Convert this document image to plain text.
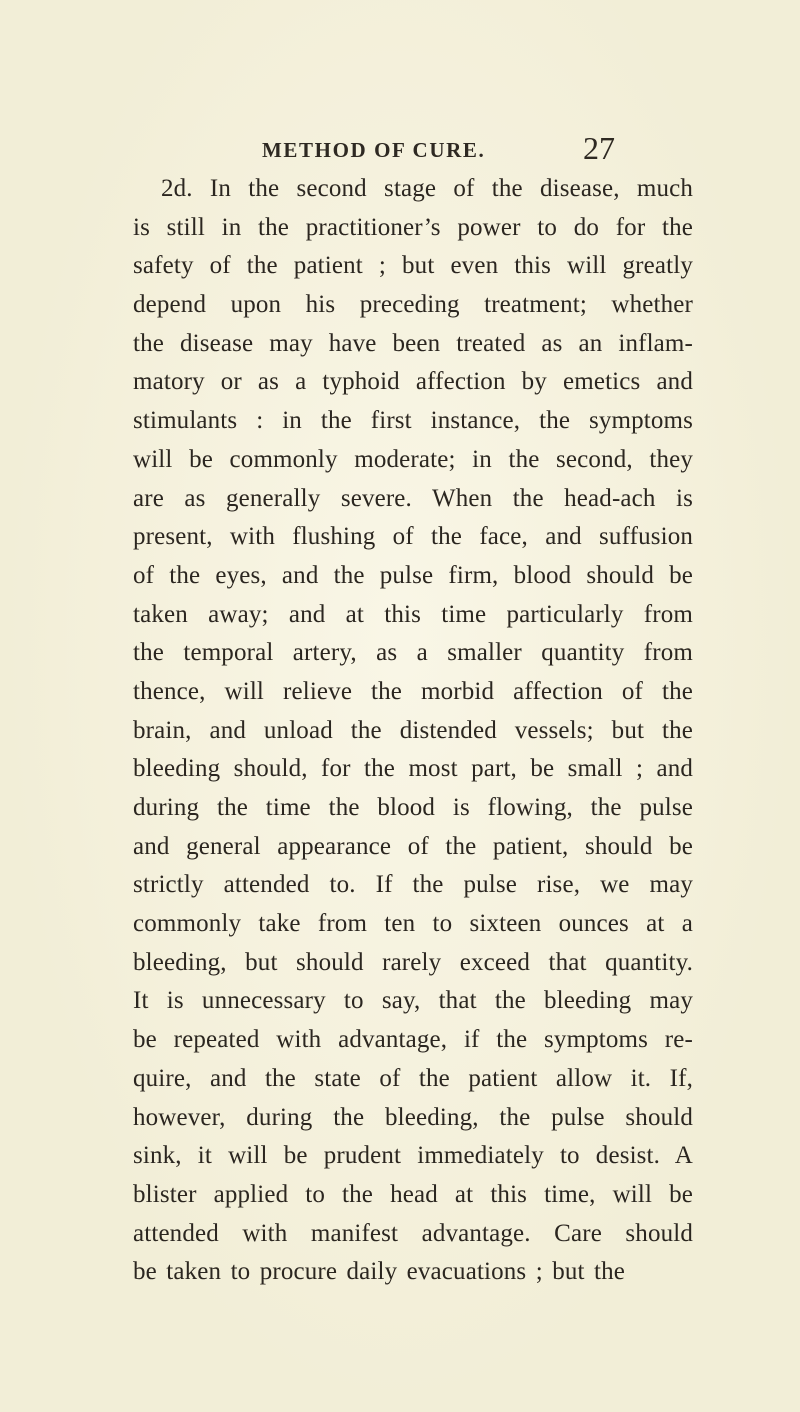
METHOD OF CURE.	27
2d. In the second stage of the disease, much
is still in the practitioner’s power to do for the
safety of the patient ; but even this will greatly
depend upon his preceding treatment; whether
the disease may have been treated as an inflam-
matory or as a typhoid affection by emetics and
stimulants : in the first instance, the symptoms
will be commonly moderate; in the second, they
are as generally severe. When the head-ach is
present, with flushing of the face, and suffusion
of the eyes, and the pulse firm, blood should be
taken away; and at this time particularly from
the temporal artery, as a smaller quantity from
thence, will relieve the morbid affection of the
brain, and unload the distended vessels; but the
bleeding should, for the most part, be small ; and
during the time the blood is flowing, the pulse
and general appearance of the patient, should be
strictly attended to. If the pulse rise, we may
commonly take from ten to sixteen ounces at a
bleeding, but should rarely exceed that quantity.
It is unnecessary to say, that the bleeding may
be repeated with advantage, if the symptoms re-
quire, and the state of the patient allow it. If,
however, during the bleeding, the pulse should
sink, it will be prudent immediately to desist. A
blister applied to the head at this time, will be
attended with manifest advantage. Care should
be taken to procure daily evacuations ; but the
